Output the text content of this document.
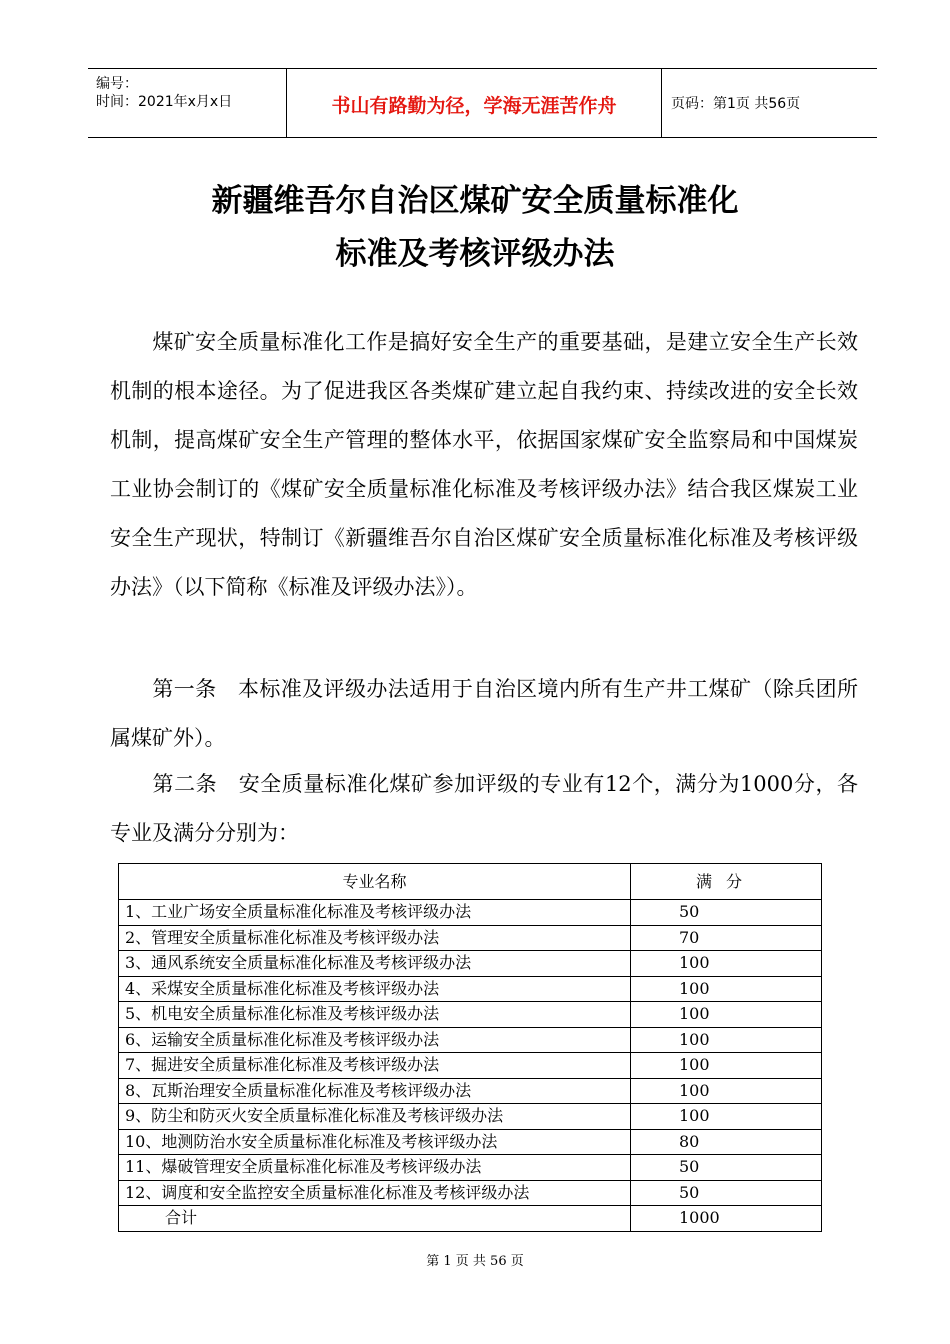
编号：
时间：2021年x月x日	书山有路勤为径，学海无涯苦作舟	页码：第1页 共56页
新疆维吾尔自治区煤矿安全质量标准化
标准及考核评级办法
煤矿安全质量标准化工作是搞好安全生产的重要基础，是建立安全生产长效机制的根本途径。为了促进我区各类煤矿建立起自我约束、持续改进的安全长效机制，提高煤矿安全生产管理的整体水平，依据国家煤矿安全监察局和中国煤炭工业协会制订的《煤矿安全质量标准化标准及考核评级办法》结合我区煤炭工业安全生产现状，特制订《新疆维吾尔自治区煤矿安全质量标准化标准及考核评级办法》（以下简称《标准及评级办法》）。
第一条　本标准及评级办法适用于自治区境内所有生产井工煤矿（除兵团所属煤矿外）。
第二条　安全质量标准化煤矿参加评级的专业有12个，满分为1000分，各专业及满分分别为：
专业名称	满分
1、工业广场安全质量标准化标准及考核评级办法	50
2、管理安全质量标准化标准及考核评级办法	70
3、通风系统安全质量标准化标准及考核评级办法	100
4、采煤安全质量标准化标准及考核评级办法	100
5、机电安全质量标准化标准及考核评级办法	100
6、运输安全质量标准化标准及考核评级办法	100
7、掘进安全质量标准化标准及考核评级办法	100
8、瓦斯治理安全质量标准化标准及考核评级办法	100
9、防尘和防灭火安全质量标准化标准及考核评级办法	100
10、地测防治水安全质量标准化标准及考核评级办法	80
11、爆破管理安全质量标准化标准及考核评级办法	50
12、调度和安全监控安全质量标准化标准及考核评级办法	50
合计	1000
第 1 页 共 56 页
